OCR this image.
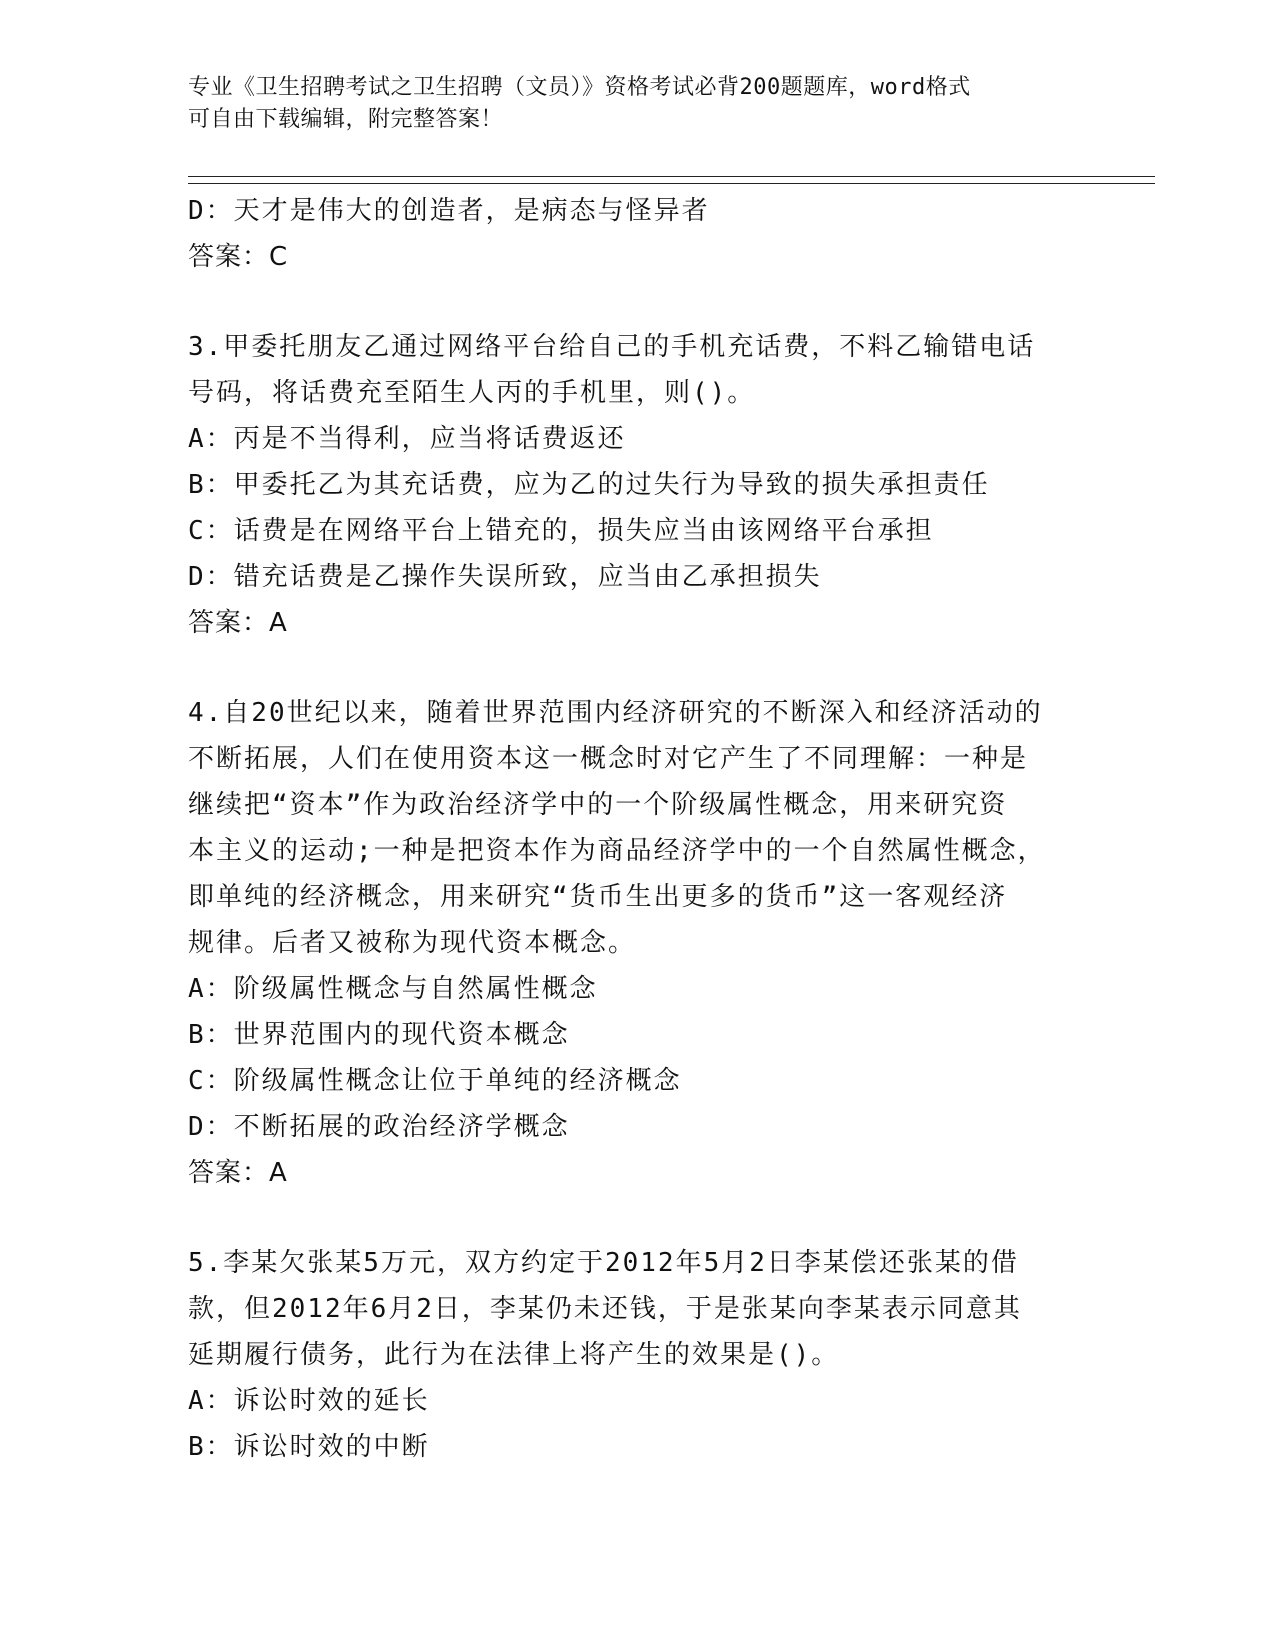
专业《卫生招聘考试之卫生招聘（文员）》资格考试必背200题题库，word格式
可自由下载编辑，附完整答案！
D：天才是伟大的创造者，是病态与怪异者
答案：C
3.甲委托朋友乙通过网络平台给自己的手机充话费，不料乙输错电话
号码，将话费充至陌生人丙的手机里，则()。
A：丙是不当得利，应当将话费返还
B：甲委托乙为其充话费，应为乙的过失行为导致的损失承担责任
C：话费是在网络平台上错充的，损失应当由该网络平台承担
D：错充话费是乙操作失误所致，应当由乙承担损失
答案：A
4.自20世纪以来，随着世界范围内经济研究的不断深入和经济活动的
不断拓展，人们在使用资本这一概念时对它产生了不同理解：一种是
继续把“资本”作为政治经济学中的一个阶级属性概念，用来研究资
本主义的运动;一种是把资本作为商品经济学中的一个自然属性概念，
即单纯的经济概念，用来研究“货币生出更多的货币”这一客观经济
规律。后者又被称为现代资本概念。
A：阶级属性概念与自然属性概念
B：世界范围内的现代资本概念
C：阶级属性概念让位于单纯的经济概念
D：不断拓展的政治经济学概念
答案：A
5.李某欠张某5万元，双方约定于2012年5月2日李某偿还张某的借
款，但2012年6月2日，李某仍未还钱，于是张某向李某表示同意其
延期履行债务，此行为在法律上将产生的效果是()。
A：诉讼时效的延长
B：诉讼时效的中断
